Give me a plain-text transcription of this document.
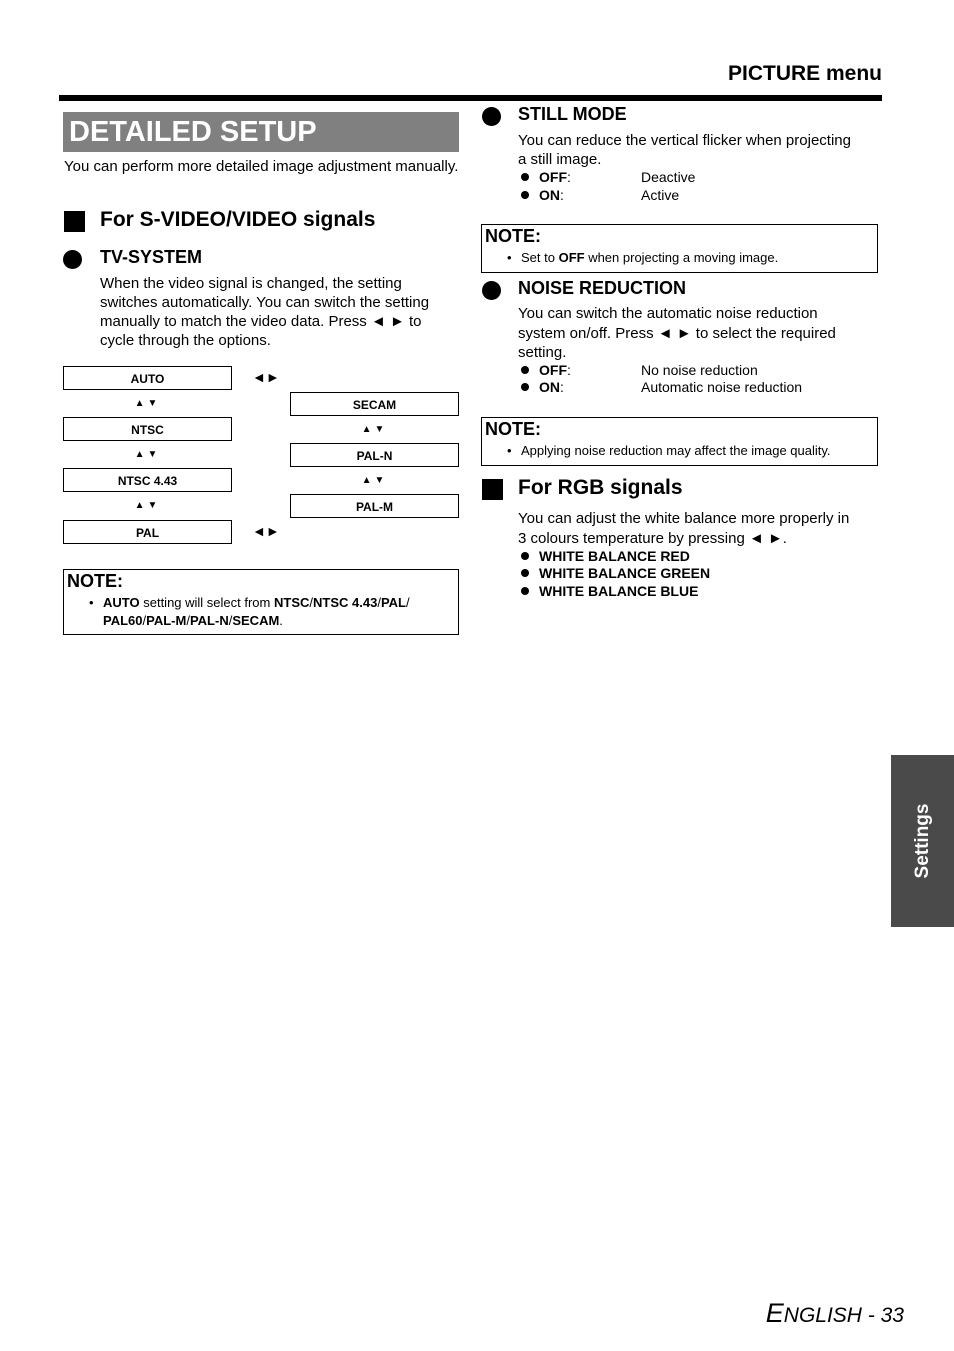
PICTURE menu
DETAILED SETUP
You can perform more detailed image adjustment manually.
For S-VIDEO/VIDEO signals
TV-SYSTEM
When the video signal is changed, the setting
switches automatically. You can switch the setting
manually to match the video data. Press ◄ ► to
cycle through the options.
AUTO
▲▼
NTSC
▲▼
NTSC 4.43
▲▼
PAL
◄►
◄►
SECAM
▲▼
PAL-N
▲▼
PAL-M
NOTE:
• AUTO setting will select from NTSC/NTSC 4.43/PAL/
PAL60/PAL-M/PAL-N/SECAM.
STILL MODE
You can reduce the vertical flicker when projecting
a still image.
OFF:	Deactive
ON:	Active
NOTE:
• Set to OFF when projecting a moving image.
NOISE REDUCTION
You can switch the automatic noise reduction
system on/off. Press ◄ ► to select the required
setting.
OFF:	No noise reduction
ON:	Automatic noise reduction
NOTE:
• Applying noise reduction may affect the image quality.
For RGB signals
You can adjust the white balance more properly in
3 colours temperature by pressing ◄ ►.
WHITE BALANCE RED
WHITE BALANCE GREEN
WHITE BALANCE BLUE
Settings
ENGLISH - 33
